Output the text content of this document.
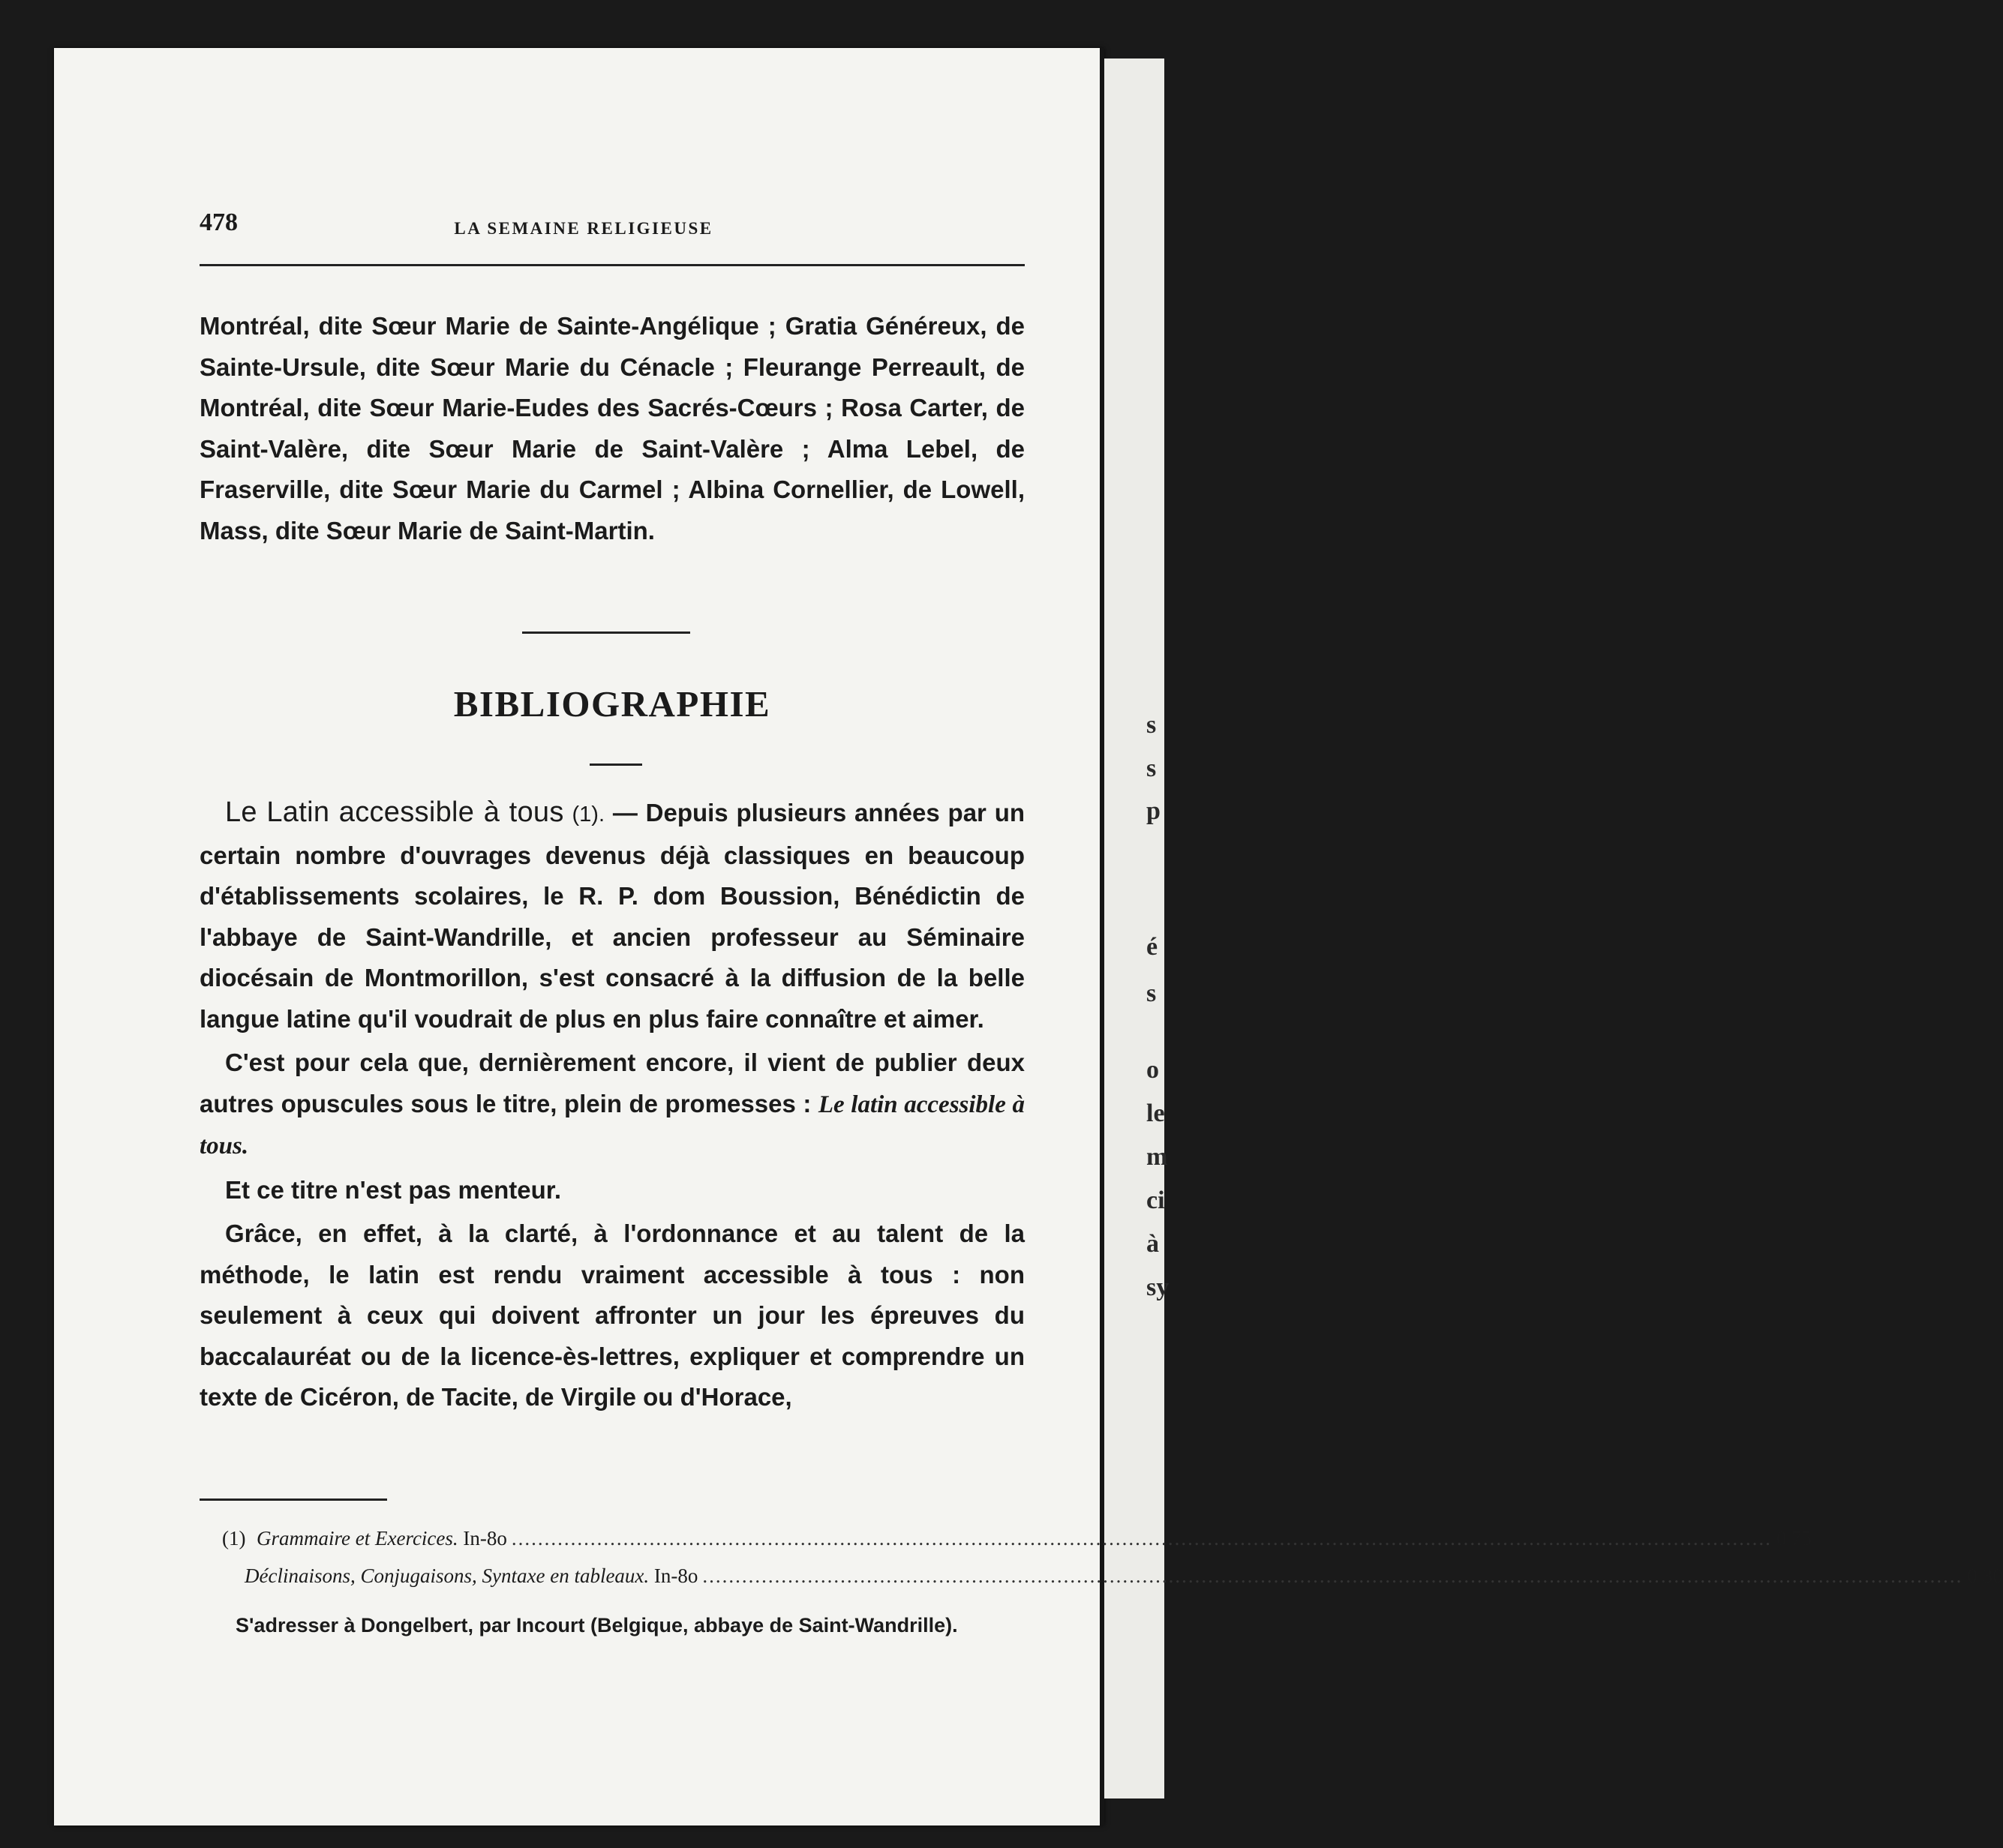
s
s
p
é
s
o
le
m
ci
à
sy
478	LA SEMAINE RELIGIEUSE

Montréal, dite Sœur Marie de Sainte-Angélique ; Gratia Généreux, de Sainte-Ursule, dite Sœur Marie du Cénacle ; Fleurange Perreault, de Montréal, dite Sœur Marie-Eudes des Sacrés-Cœurs ; Rosa Carter, de Saint-Valère, dite Sœur Marie de Saint-Valère ; Alma Lebel, de Fraserville, dite Sœur Marie du Carmel ; Albina Cornellier, de Lowell, Mass, dite Sœur Marie de Saint-Martin.

BIBLIOGRAPHIE

Le Latin accessible à tous (1). — Depuis plusieurs années par un certain nombre d'ouvrages devenus déjà classiques en beaucoup d'établissements scolaires, le R. P. dom Boussion, Bénédictin de l'abbaye de Saint-Wandrille, et ancien professeur au Séminaire diocésain de Montmorillon, s'est consacré à la diffusion de la belle langue latine qu'il voudrait de plus en plus faire connaître et aimer.

C'est pour cela que, dernièrement encore, il vient de publier deux autres opuscules sous le titre, plein de promesses : Le latin accessible à tous.

Et ce titre n'est pas menteur.

Grâce, en effet, à la clarté, à l'ordonnance et au talent de la méthode, le latin est rendu vraiment accessible à tous : non seulement à ceux qui doivent affronter un jour les épreuves du baccalauréat ou de la licence-ès-lettres, expliquer et comprendre un texte de Cicéron, de Tacite, de Virgile ou d'Horace,

(1) Grammaire et Exercices. In-8o .....	0 75
Déclinaisons, Conjugaisons, Syntaxe en tableaux. In-8o .....	0 30
S'adresser à Dongelbert, par Incourt (Belgique, abbaye de Saint-Wandrille).
